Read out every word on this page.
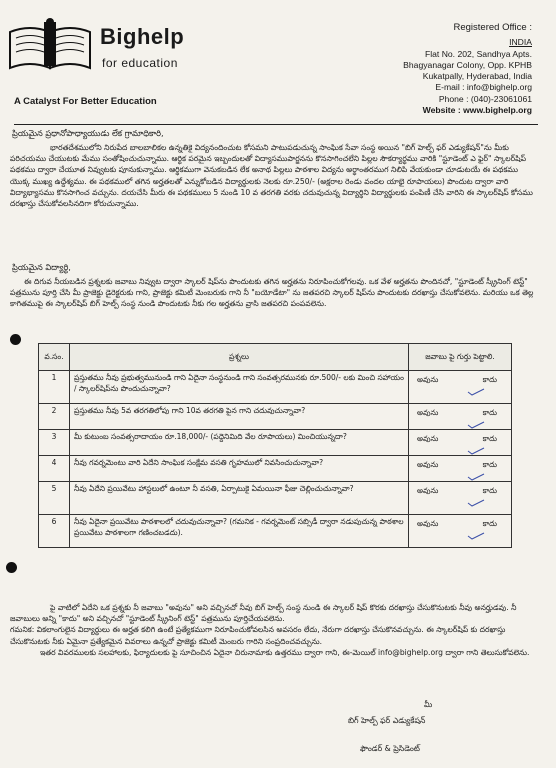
Bighelp
for education
A Catalyst For Better Education
Registered Office :
INDIA
Flat No. 202, Sandhya Apts.
Bhagyanagar Colony, Opp. KPHB
Kukatpally, Hyderabad, India
E-mail : info@bighelp.org
Phone : (040)-23061061
Website : www.bighelp.org
ప్రియమైన ప్రధానోపాధ్యాయుడు లేక గ్రామాధికారి,

భారతదేశములోని నిరుపేద బాలబాలికల ఉన్నతికై విద్యనందించుట కోసమని పాటుపడుచున్న సాంఘిక సేవా సంస్థ అయిన "బిగ్ హెల్ప్ ఫర్ ఎడ్యుకేషన్"ను మీకు పరిచయము చేయుటకు మేము సంతోషించుచున్నాము. ఆర్థిక పరమైన ఇబ్బందులతో విద్యాసముపార్జనను కొనసాగించలేని పిల్లల సౌకర్యార్థము వారికి "స్టూడెంట్ ఎ ఫైర్" స్కాలర్‌షిప్ పథకము ద్వారా చేయూత నివ్వుటకు పూనుకున్నాము. ఆర్థికముగా వెనుకబడిన లేక అనాథ పిల్లలు పాఠశాల విద్యను అర్థాంతరముగ నిలిపి వేయకుండా చూడుటయే ఈ పథకము యొక్క ముఖ్య ఉద్దేశ్యము. ఈ పథకములో తగిన అర్హతలతో ఎన్నుకోబడిన విద్యార్థులకు నెలకు రూ.250/- (అక్షరాల రెండు వందల యాభై రూపాయలు) పొందుట ద్వారా వారి విద్యాభ్యాసము కొనసాగించ వచ్చును. దయచేసి మీరు ఈ పథకములు 5 నుండి 10 వ తరగతి వరకు చదువుచున్న విద్యార్థిని విద్యార్థులకు పంపిణీ చేసి వారిని ఈ స్కాలర్‌షిప్ కోసము దరఖాస్తు చేసుకోవలసినదిగా కోరుచున్నాము.

ప్రియమైన విద్యార్థి,

ఈ దిగువ నీయబడిన ప్రశ్నలకు జవాబు నివ్వుట ద్వారా స్కాలర్ షిప్‌ను పొందుటకు తగిన అర్హతను నిరూపించుకోగలవు. ఒక వేళ అర్హతను పొందినచో, "స్టూడెంట్ స్క్రీనింగ్ టెస్ట్" పత్రమును పూర్తి చేసి మీ ప్రాజెక్టు డైరెక్టరుకు గాని, ప్రాజెక్టు కమిటీ మెంబరుకు గాని నీ "బయోడేటా" ను జతపరచి స్కాలర్ షిప్‌ను పొందుటకు దరఖాస్తు చేసుకోవలెను. మరియు ఒక తెల్ల కాగితముపై ఈ స్కాలర్‌షిప్ బిగ్ హెల్ప్ సంస్థ నుండి పొందుటకు నీకు గల అర్హతను వ్రాసి జతపరచి పంపవలెను.

వ.సం.	ప్రశ్నలు	జవాబు పై గుర్తు పెట్టాలి.
1	ప్రస్తుతము నీవు ప్రభుత్వమునుండి గాని ఏదైనా సంస్థనుండి గాని సంవత్సరమునకు రూ.500/- లకు మించి సహాయం / స్కాలర్‌షిప్‌ను పొందుచున్నావా?	అవును కాదు

2	ప్రస్తుతము నీవు 5వ తరగతిలోపు గాని 10వ తరగతి పైన గాని చదువుచున్నావా?	అవును కాదు

3	మీ కుటుంబ సంవత్సరాదాయం రూ.18,000/- (పద్దెనిమిది వేల రూపాయలు) మించియున్నదా?	అవును కాదు

4	నీవు గవర్నమెంటు వారి ఏదేని సాంఘిక సంక్షేమ వసతి గృహములో నివసించుచున్నావా?	అవును కాదు

5	నీవు ఏదేని ప్రయివేటు హాస్టలులో ఉంటూ నీ వసతి, ఏర్పాటుకై ఏమయినా ఫీజు చెల్లించుచున్నావా?	అవును కాదు

6	నీవు ఏదైనా ప్రయివేటు పాఠశాలలో చదువుచున్నావా? (గమనిక - గవర్నమెంట్ సబ్సిడీ ద్వారా నడుపుచున్న పాఠశాల ప్రయివేటు పాఠశాలగా గణించబడదు).	అవును కాదు

పై వాటిలో ఏదేని ఒక ప్రశ్నకు నీ జవాబు "అవును" అని వచ్చినచో నీవు బిగ్ హెల్ప్ సంస్థ నుండి ఈ స్కాలర్ షిప్ కొరకు దరఖాస్తు చేసుకొనుటకు నీవు అనర్హుడవు. నీ జవాబులు అన్ని "కాదు" అని వచ్చినచో "స్టూడెంట్ స్క్రీనింగ్ టెస్ట్" పత్రమును పూర్తిచేయవలెను.

గమనిక: వికలాంగులైన విద్యార్థులు ఈ అర్హత కలిగి ఉంటే ప్రత్యేకముగా నిరూపించుకోవలసిన అవసరం లేదు, నేరుగా దరఖాస్తు చేసుకొనవచ్చును. ఈ స్కాలర్‌షిప్ కు దరఖాస్తు చేసుకొనుటకు నీకు ఏమైనా ప్రత్యేకమైన వివరాలు ఉన్నచో ప్రాజెక్టు కమిటీ మెంబరు గారిని సంప్రదించవచ్చును.

ఇతర వివరములకు సలహాలకు, ఫిర్యాదులకు పై సూచించిన ఏదైనా చిరునామాకు ఉత్తరము ద్వారా గాని, ఈ-మెయిల్ info@bighelp.org ద్వారా గాని తెలుసుకోవలెను.

మీ
బిగ్ హెల్ప్ ఫర్ ఎడ్యుకేషన్
ఫౌండర్ & ప్రెసిడెంట్
